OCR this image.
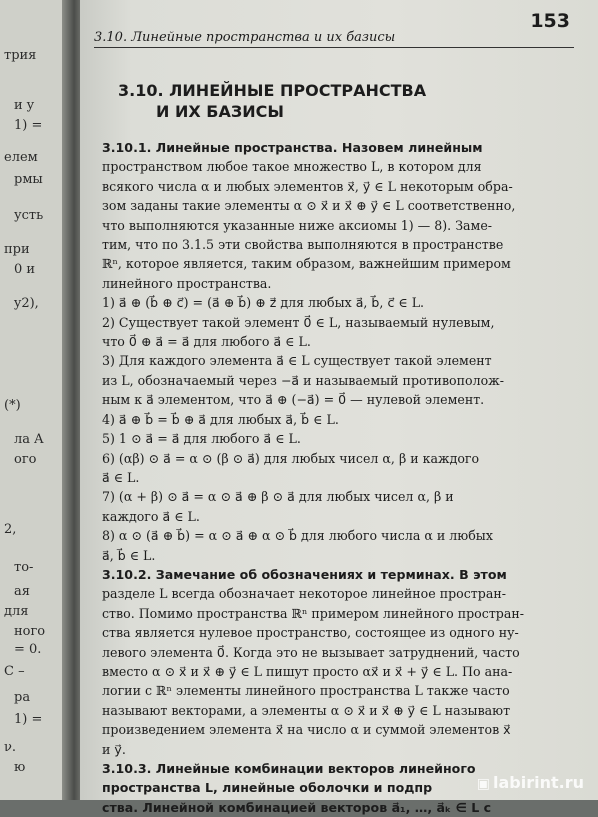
трия
и y
1) =
елем
рмы
усть
при
0 и
y2),
(*)
ла A
ого
2,
то-
ая
для
ного
= 0.
C –
ра
1) =
ν.
ю
153
3.10. Линейные пространства и их базисы
3.10. ЛИНЕЙНЫЕ ПРОСТРАНСТВА
И ИХ БАЗИСЫ
3.10.1. Линейные пространства. Назовем линейным
пространством любое такое множество L, в котором для
всякого числа α и любых элементов x⃗, y⃗ ∈ L некоторым обра-
зом заданы такие элементы α ⊙ x⃗ и x⃗ ⊕ y⃗ ∈ L соответственно,
что выполняются указанные ниже аксиомы 1) — 8). Заме-
тим, что по 3.1.5 эти свойства выполняются в пространстве
ℝⁿ, которое является, таким образом, важнейшим примером
линейного пространства.
1) a⃗ ⊕ (b⃗ ⊕ c⃗) = (a⃗ ⊕ b⃗) ⊕ z⃗ для любых a⃗, b⃗, c⃗ ∈ L.
2) Существует такой элемент 0⃗ ∈ L, называемый нулевым,
что 0⃗ ⊕ a⃗ = a⃗ для любого a⃗ ∈ L.
3) Для каждого элемента a⃗ ∈ L существует такой элемент
из L, обозначаемый через −a⃗ и называемый противополож-
ным к a⃗ элементом, что a⃗ ⊕ (−a⃗) = 0⃗ — нулевой элемент.
4) a⃗ ⊕ b⃗ = b⃗ ⊕ a⃗ для любых a⃗, b⃗ ∈ L.
5) 1 ⊙ a⃗ = a⃗ для любого a⃗ ∈ L.
6) (αβ) ⊙ a⃗ = α ⊙ (β ⊙ a⃗) для любых чисел α, β и каждого
a⃗ ∈ L.
7) (α + β) ⊙ a⃗ = α ⊙ a⃗ ⊕ β ⊙ a⃗ для любых чисел α, β и
каждого a⃗ ∈ L.
8) α ⊙ (a⃗ ⊕ b⃗) = α ⊙ a⃗ ⊕ α ⊙ b⃗ для любого числа α и любых
a⃗, b⃗ ∈ L.
3.10.2. Замечание об обозначениях и терминах. В этом
разделе L всегда обозначает некоторое линейное простран-
ство. Помимо пространства ℝⁿ примером линейного простран-
ства является нулевое пространство, состоящее из одного ну-
левого элемента 0⃗. Когда это не вызывает затруднений, часто
вместо α ⊙ x⃗ и x⃗ ⊕ y⃗ ∈ L пишут просто αx⃗ и x⃗ + y⃗ ∈ L. По ана-
логии с ℝⁿ элементы линейного пространства L также часто
называют векторами, а элементы α ⊙ x⃗ и x⃗ ⊕ y⃗ ∈ L называют
произведением элемента x⃗ на число α и суммой элементов x⃗
и y⃗.
3.10.3. Линейные комбинации векторов линейного
пространства L, линейные оболочки и подпр
ства. Линейной комбинацией векторов a⃗₁, …, a⃗ₖ ∈ L с
▣ labirint.ru
